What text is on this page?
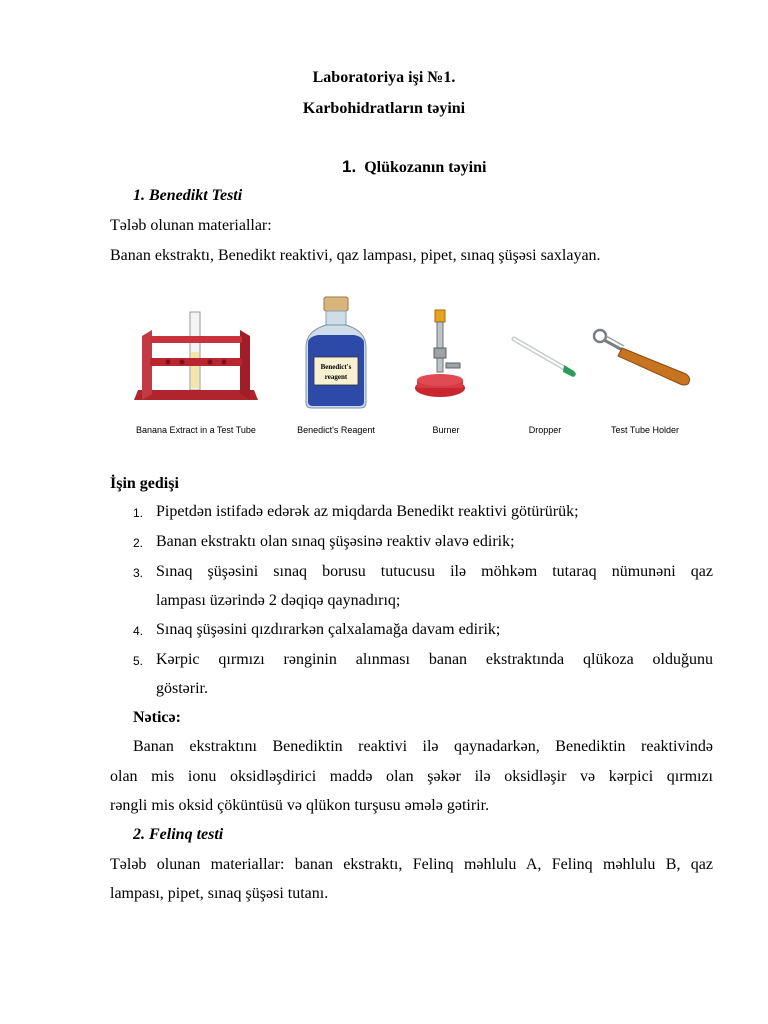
Laboratoriya işi №1.
Karbohidratların təyini
1. Qlükozanın təyini
1. Benedikt Testi
Tələb olunan materiallar:
Banan ekstraktı, Benedikt reaktivi, qaz lampası, pipet, sınaq şüşəsi saxlayan.
Benedict's
reagent
Banana Extract in a Test Tube	Benedict's Reagent	Burner	Dropper	Test Tube Holder
İşin gedişi
1. Pipetdən istifadə edərək az miqdarda Benedikt reaktivi götürürük;
2. Banan ekstraktı olan sınaq şüşəsinə reaktiv əlavə edirik;
3. Sınaq şüşəsini sınaq borusu tutucusu ilə möhkəm tutaraq nümunəni qaz
lampası üzərində 2 dəqiqə qaynadırıq;
4. Sınaq şüşəsini qızdırarkən çalxalamağa davam edirik;
5. Kərpic qırmızı rənginin alınması banan ekstraktında qlükoza olduğunu
göstərir.
Nəticə:
Banan ekstraktını Benediktin reaktivi ilə qaynadarkən, Benediktin reaktivində
olan mis ionu oksidləşdirici maddə olan şəkər ilə oksidləşir və kərpici qırmızı
rəngli mis oksid çöküntüsü və qlükon turşusu əmələ gətirir.
2. Felinq testi
Tələb olunan materiallar: banan ekstraktı, Felinq məhlulu A, Felinq məhlulu B, qaz
lampası, pipet, sınaq şüşəsi tutanı.
